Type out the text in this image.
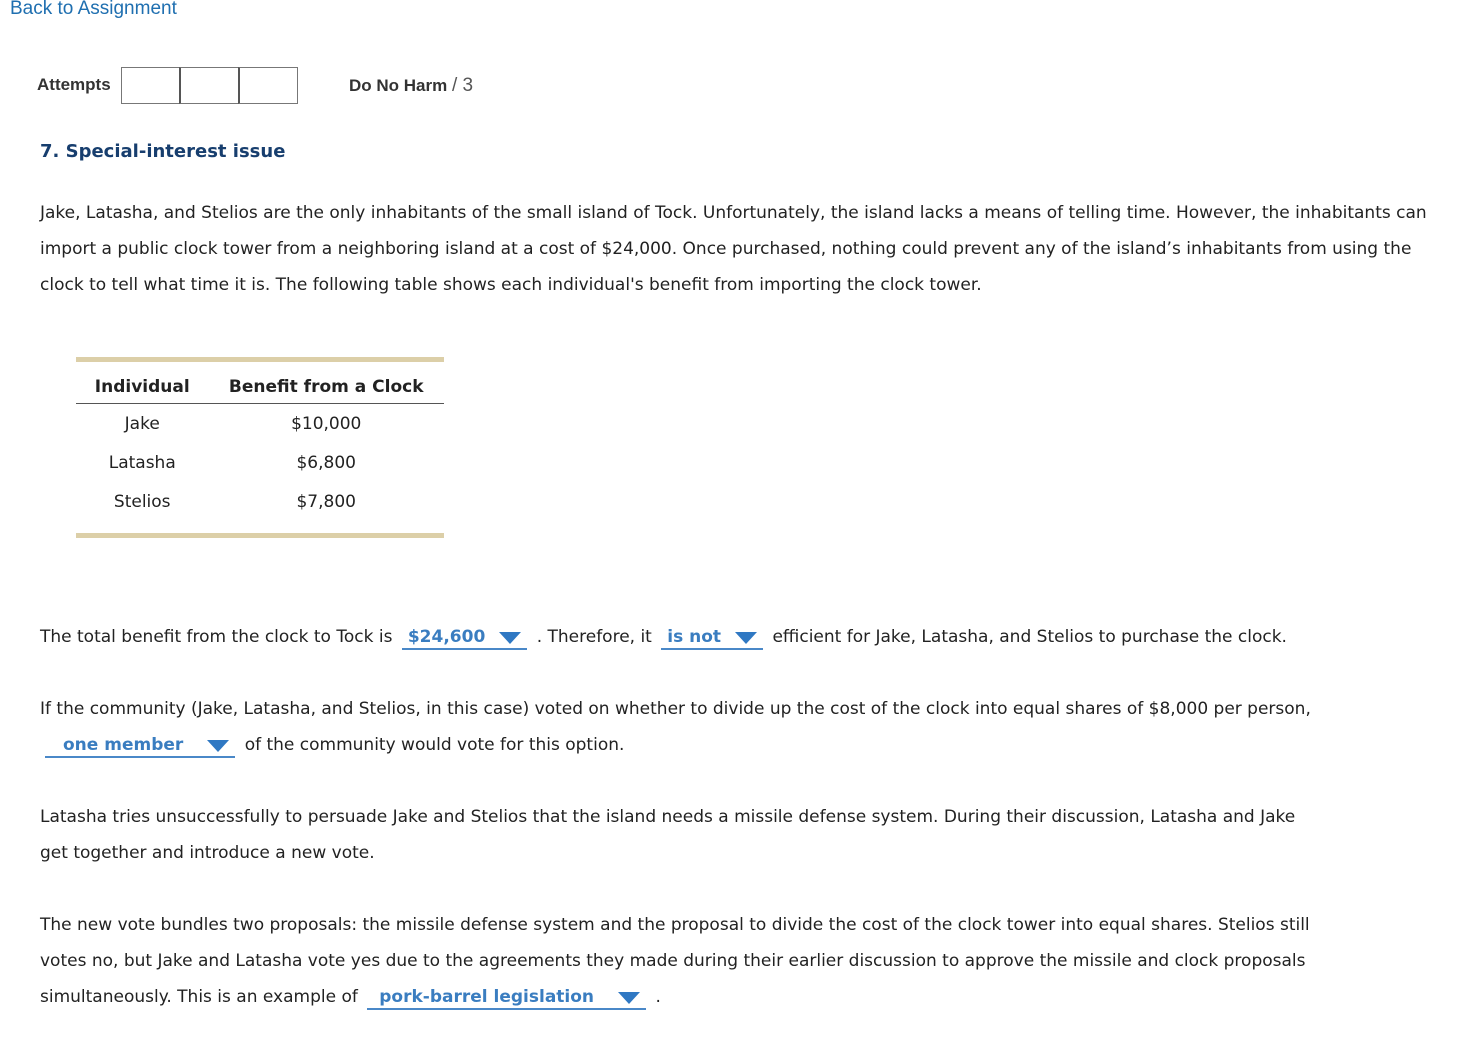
Back to Assignment
Attempts	Do No Harm / 3
7. Special-interest issue
Jake, Latasha, and Stelios are the only inhabitants of the small island of Tock. Unfortunately, the island lacks a means of telling time. However, the inhabitants can import a public clock tower from a neighboring island at a cost of $24,000. Once purchased, nothing could prevent any of the island’s inhabitants from using the clock to tell what time it is. The following table shows each individual's benefit from importing the clock tower.
Individual	Benefit from a Clock
Jake	$10,000
Latasha	$6,800
Stelios	$7,800
The total benefit from the clock to Tock is $24,600	. Therefore, it is not	efficient for Jake, Latasha, and Stelios to purchase the clock.
If the community (Jake, Latasha, and Stelios, in this case) voted on whether to divide up the cost of the clock into equal shares of $8,000 per person,
one member	of the community would vote for this option.
Latasha tries unsuccessfully to persuade Jake and Stelios that the island needs a missile defense system. During their discussion, Latasha and Jake
get together and introduce a new vote.
The new vote bundles two proposals: the missile defense system and the proposal to divide the cost of the clock tower into equal shares. Stelios still
votes no, but Jake and Latasha vote yes due to the agreements they made during their earlier discussion to approve the missile and clock proposals
simultaneously. This is an example of pork-barrel legislation	.
